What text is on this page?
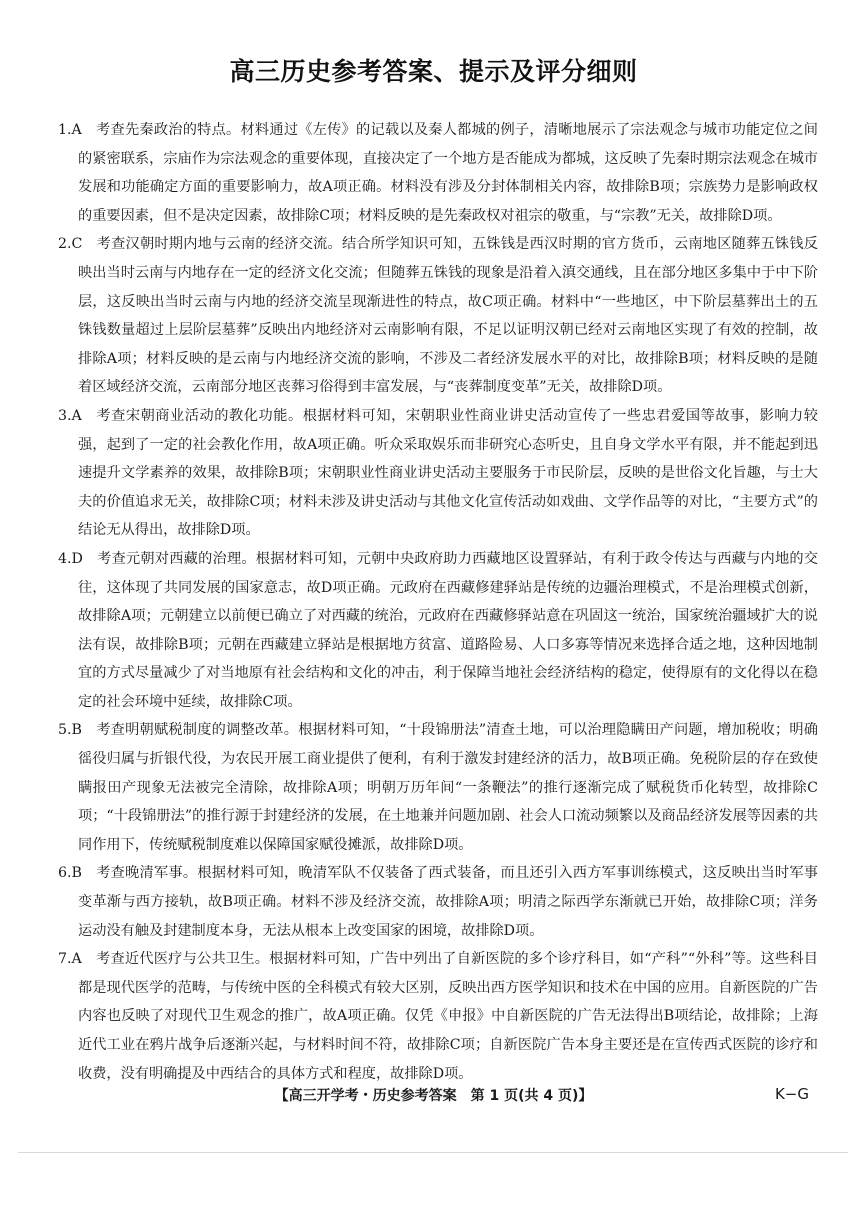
高三历史参考答案、提示及评分细则

1.A 考查先秦政治的特点。材料通过《左传》的记载以及秦人都城的例子，清晰地展示了宗法观念与城市功能定位之间的紧密联系，宗庙作为宗法观念的重要体现，直接决定了一个地方是否能成为都城，这反映了先秦时期宗法观念在城市发展和功能确定方面的重要影响力，故A项正确。材料没有涉及分封体制相关内容，故排除B项；宗族势力是影响政权的重要因素，但不是决定因素，故排除C项；材料反映的是先秦政权对祖宗的敬重，与“宗教”无关，故排除D项。

2.C 考查汉朝时期内地与云南的经济交流。结合所学知识可知，五铢钱是西汉时期的官方货币，云南地区随葬五铢钱反映出当时云南与内地存在一定的经济文化交流；但随葬五铢钱的现象是沿着入滇交通线，且在部分地区多集中于中下阶层，这反映出当时云南与内地的经济交流呈现渐进性的特点，故C项正确。材料中“一些地区，中下阶层墓葬出土的五铢钱数量超过上层阶层墓葬”反映出内地经济对云南影响有限，不足以证明汉朝已经对云南地区实现了有效的控制，故排除A项；材料反映的是云南与内地经济交流的影响，不涉及二者经济发展水平的对比，故排除B项；材料反映的是随着区域经济交流，云南部分地区丧葬习俗得到丰富发展，与“丧葬制度变革”无关，故排除D项。

3.A 考查宋朝商业活动的教化功能。根据材料可知，宋朝职业性商业讲史活动宣传了一些忠君爱国等故事，影响力较强，起到了一定的社会教化作用，故A项正确。听众采取娱乐而非研究心态听史，且自身文学水平有限，并不能起到迅速提升文学素养的效果，故排除B项；宋朝职业性商业讲史活动主要服务于市民阶层，反映的是世俗文化旨趣，与士大夫的价值追求无关，故排除C项；材料未涉及讲史活动与其他文化宣传活动如戏曲、文学作品等的对比，“主要方式”的结论无从得出，故排除D项。

4.D 考查元朝对西藏的治理。根据材料可知，元朝中央政府助力西藏地区设置驿站，有利于政令传达与西藏与内地的交往，这体现了共同发展的国家意志，故D项正确。元政府在西藏修建驿站是传统的边疆治理模式，不是治理模式创新，故排除A项；元朝建立以前便已确立了对西藏的统治，元政府在西藏修驿站意在巩固这一统治，国家统治疆域扩大的说法有误，故排除B项；元朝在西藏建立驿站是根据地方贫富、道路险易、人口多寡等情况来选择合适之地，这种因地制宜的方式尽量减少了对当地原有社会结构和文化的冲击，利于保障当地社会经济结构的稳定，使得原有的文化得以在稳定的社会环境中延续，故排除C项。

5.B 考查明朝赋税制度的调整改革。根据材料可知，“十段锦册法”清查土地，可以治理隐瞒田产问题，增加税收；明确徭役归属与折银代役，为农民开展工商业提供了便利，有利于激发封建经济的活力，故B项正确。免税阶层的存在致使瞒报田产现象无法被完全清除，故排除A项；明朝万历年间“一条鞭法”的推行逐渐完成了赋税货币化转型，故排除C项；“十段锦册法”的推行源于封建经济的发展，在土地兼并问题加剧、社会人口流动频繁以及商品经济发展等因素的共同作用下，传统赋税制度难以保障国家赋役摊派，故排除D项。

6.B 考查晚清军事。根据材料可知，晚清军队不仅装备了西式装备，而且还引入西方军事训练模式，这反映出当时军事变革渐与西方接轨，故B项正确。材料不涉及经济交流，故排除A项；明清之际西学东渐就已开始，故排除C项；洋务运动没有触及封建制度本身，无法从根本上改变国家的困境，故排除D项。

7.A 考查近代医疗与公共卫生。根据材料可知，广告中列出了自新医院的多个诊疗科目，如“产科”“外科”等。这些科目都是现代医学的范畴，与传统中医的全科模式有较大区别，反映出西方医学知识和技术在中国的应用。自新医院的广告内容也反映了对现代卫生观念的推广，故A项正确。仅凭《申报》中自新医院的广告无法得出B项结论，故排除；上海近代工业在鸦片战争后逐渐兴起，与材料时间不符，故排除C项；自新医院广告本身主要还是在宣传西式医院的诊疗和收费，没有明确提及中西结合的具体方式和程度，故排除D项。

【高三开学考・历史参考答案　第 1 页(共 4 页)】	K−G
